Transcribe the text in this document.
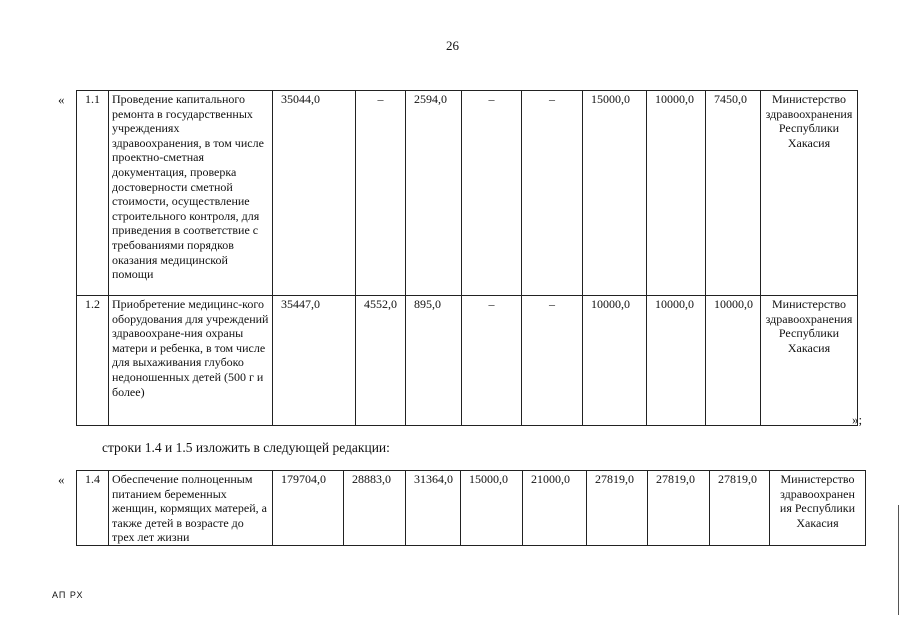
26
« 1.1	Проведение капитального ремонта в государственных учреждениях здравоохранения, в том числе проектно-сметная документация, проверка достоверности сметной стоимости, осуществление строительного контроля, для приведения в соответствие с требованиями порядков оказания медицинской помощи	35044,0	–	2594,0	–	–	15000,0	10000,0	7450,0	Министерство здравоохранения Республики Хакасия
1.2	Приобретение медицинс-кого оборудования для учреждений здравоохране-ния охраны матери и ребенка, в том числе для выхаживания глубоко недоношенных детей (500 г и более)	35447,0	4552,0	895,0	–	–	10000,0	10000,0	10000,0	Министерство здравоохранения Республики Хакасия
»;
строки 1.4 и 1.5 изложить в следующей редакции:
« 1.4	Обеспечение полноценным питанием беременных женщин, кормящих матерей, а также детей в возрасте до трех лет жизни	179704,0	28883,0	31364,0	15000,0	21000,0	27819,0	27819,0	27819,0	Министерство здравоохранен ия Республики Хакасия
АП РХ
